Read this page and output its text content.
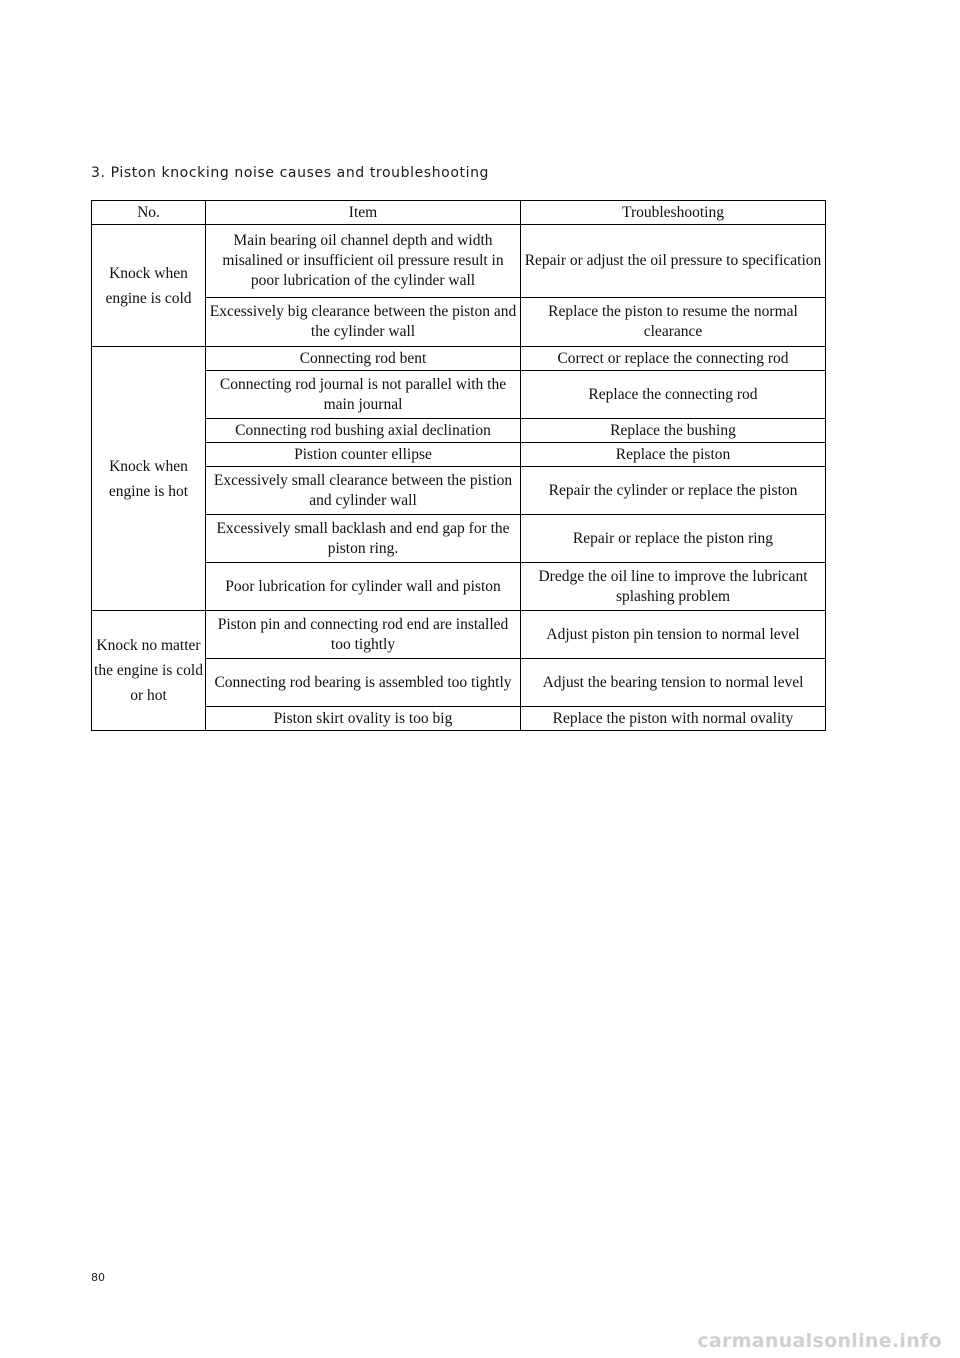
3. Piston knocking noise causes and troubleshooting
No.	Item	Troubleshooting
Knock when engine is cold	Main bearing oil channel depth and width misalined or insufficient oil pressure result in poor lubrication of the cylinder wall	Repair or adjust the oil pressure to specification
	Excessively big clearance between the piston and the cylinder wall	Replace the piston to resume the normal clearance
Knock when engine is hot	Connecting rod bent	Correct or replace the connecting rod
	Connecting rod journal is not parallel with the main journal	Replace the connecting rod
	Connecting rod bushing axial declination	Replace the bushing
	Pistion counter ellipse	Replace the piston
	Excessively small clearance between the pistion and cylinder wall	Repair the cylinder or replace the piston
	Excessively small backlash and end gap for the piston ring.	Repair or replace the piston ring
	Poor lubrication for cylinder wall and piston	Dredge the oil line to improve the lubricant splashing problem
Knock no matter the engine is cold or hot	Piston pin and connecting rod end are installed too tightly	Adjust piston pin tension to normal level
	Connecting rod bearing is assembled too tightly	Adjust the bearing tension to normal level
	Piston skirt ovality is too big	Replace the piston with normal ovality
80
carmanualsonline.info
